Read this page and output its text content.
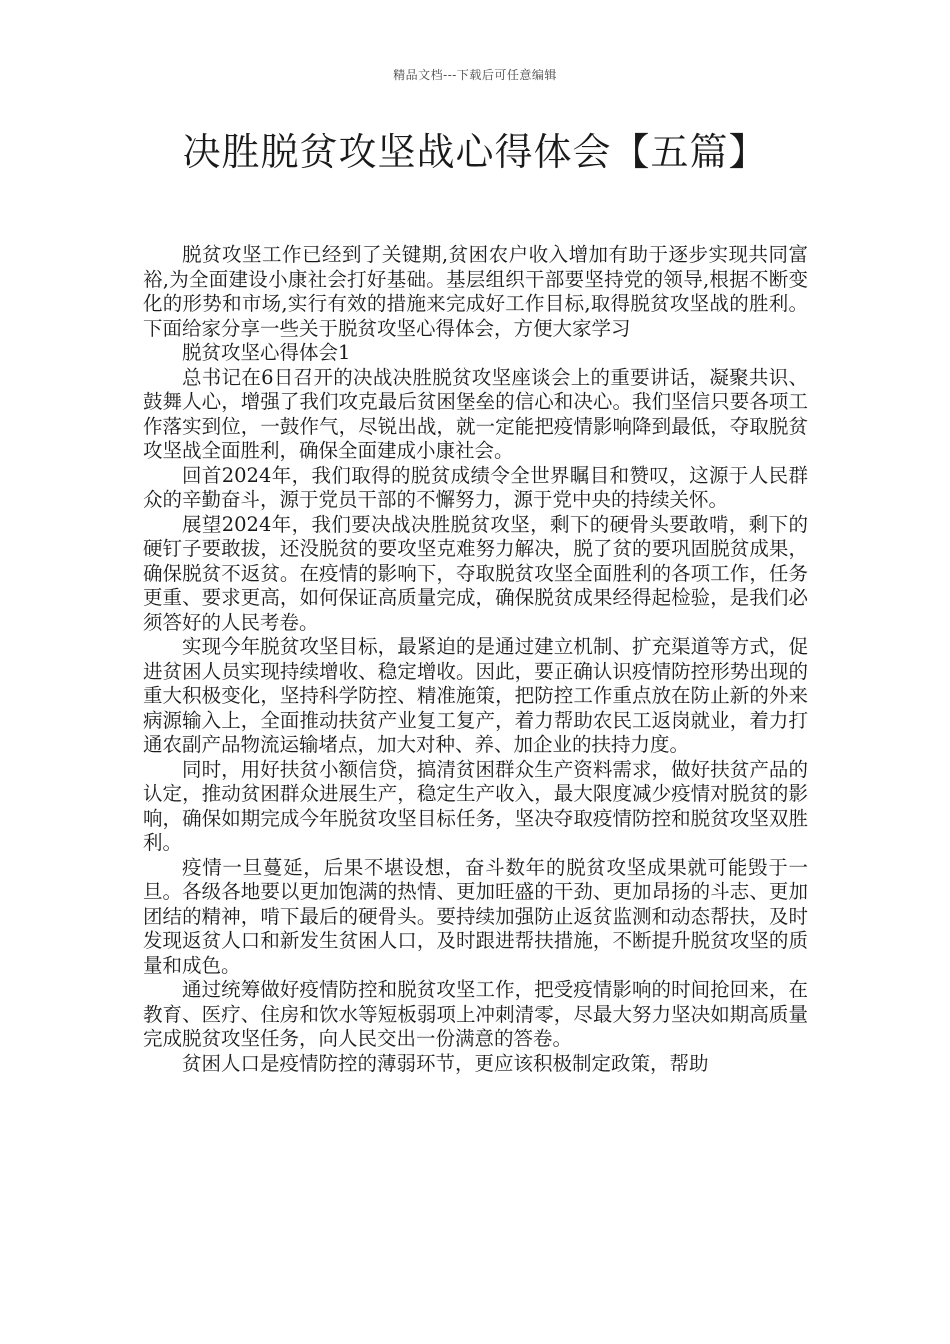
精品文档---下载后可任意编辑
决胜脱贫攻坚战心得体会【五篇】

脱贫攻坚工作已经到了关键期,贫困农户收入增加有助于逐步实现共同富裕,为全面建设小康社会打好基础。基层组织干部要坚持党的领导,根据不断变化的形势和市场,实行有效的措施来完成好工作目标,取得脱贫攻坚战的胜利。下面给家分享一些关于脱贫攻坚心得体会，方便大家学习

脱贫攻坚心得体会1

总书记在6日召开的决战决胜脱贫攻坚座谈会上的重要讲话，凝聚共识、鼓舞人心，增强了我们攻克最后贫困堡垒的信心和决心。我们坚信只要各项工作落实到位，一鼓作气，尽锐出战，就一定能把疫情影响降到最低，夺取脱贫攻坚战全面胜利，确保全面建成小康社会。

回首2024年，我们取得的脱贫成绩令全世界瞩目和赞叹，这源于人民群众的辛勤奋斗，源于党员干部的不懈努力，源于党中央的持续关怀。

展望2024年，我们要决战决胜脱贫攻坚，剩下的硬骨头要敢啃，剩下的硬钉子要敢拔，还没脱贫的要攻坚克难努力解决，脱了贫的要巩固脱贫成果，确保脱贫不返贫。在疫情的影响下，夺取脱贫攻坚全面胜利的各项工作，任务更重、要求更高，如何保证高质量完成，确保脱贫成果经得起检验，是我们必须答好的人民考卷。

实现今年脱贫攻坚目标，最紧迫的是通过建立机制、扩充渠道等方式，促进贫困人员实现持续增收、稳定增收。因此，要正确认识疫情防控形势出现的重大积极变化，坚持科学防控、精准施策，把防控工作重点放在防止新的外来病源输入上，全面推动扶贫产业复工复产，着力帮助农民工返岗就业，着力打通农副产品物流运输堵点，加大对种、养、加企业的扶持力度。

同时，用好扶贫小额信贷，搞清贫困群众生产资料需求，做好扶贫产品的认定，推动贫困群众进展生产，稳定生产收入，最大限度减少疫情对脱贫的影响，确保如期完成今年脱贫攻坚目标任务，坚决夺取疫情防控和脱贫攻坚双胜利。

疫情一旦蔓延，后果不堪设想，奋斗数年的脱贫攻坚成果就可能毁于一旦。各级各地要以更加饱满的热情、更加旺盛的干劲、更加昂扬的斗志、更加团结的精神，啃下最后的硬骨头。要持续加强防止返贫监测和动态帮扶，及时发现返贫人口和新发生贫困人口，及时跟进帮扶措施，不断提升脱贫攻坚的质量和成色。

通过统筹做好疫情防控和脱贫攻坚工作，把受疫情影响的时间抢回来，在教育、医疗、住房和饮水等短板弱项上冲刺清零，尽最大努力坚决如期高质量完成脱贫攻坚任务，向人民交出一份满意的答卷。

贫困人口是疫情防控的薄弱环节，更应该积极制定政策，帮助
